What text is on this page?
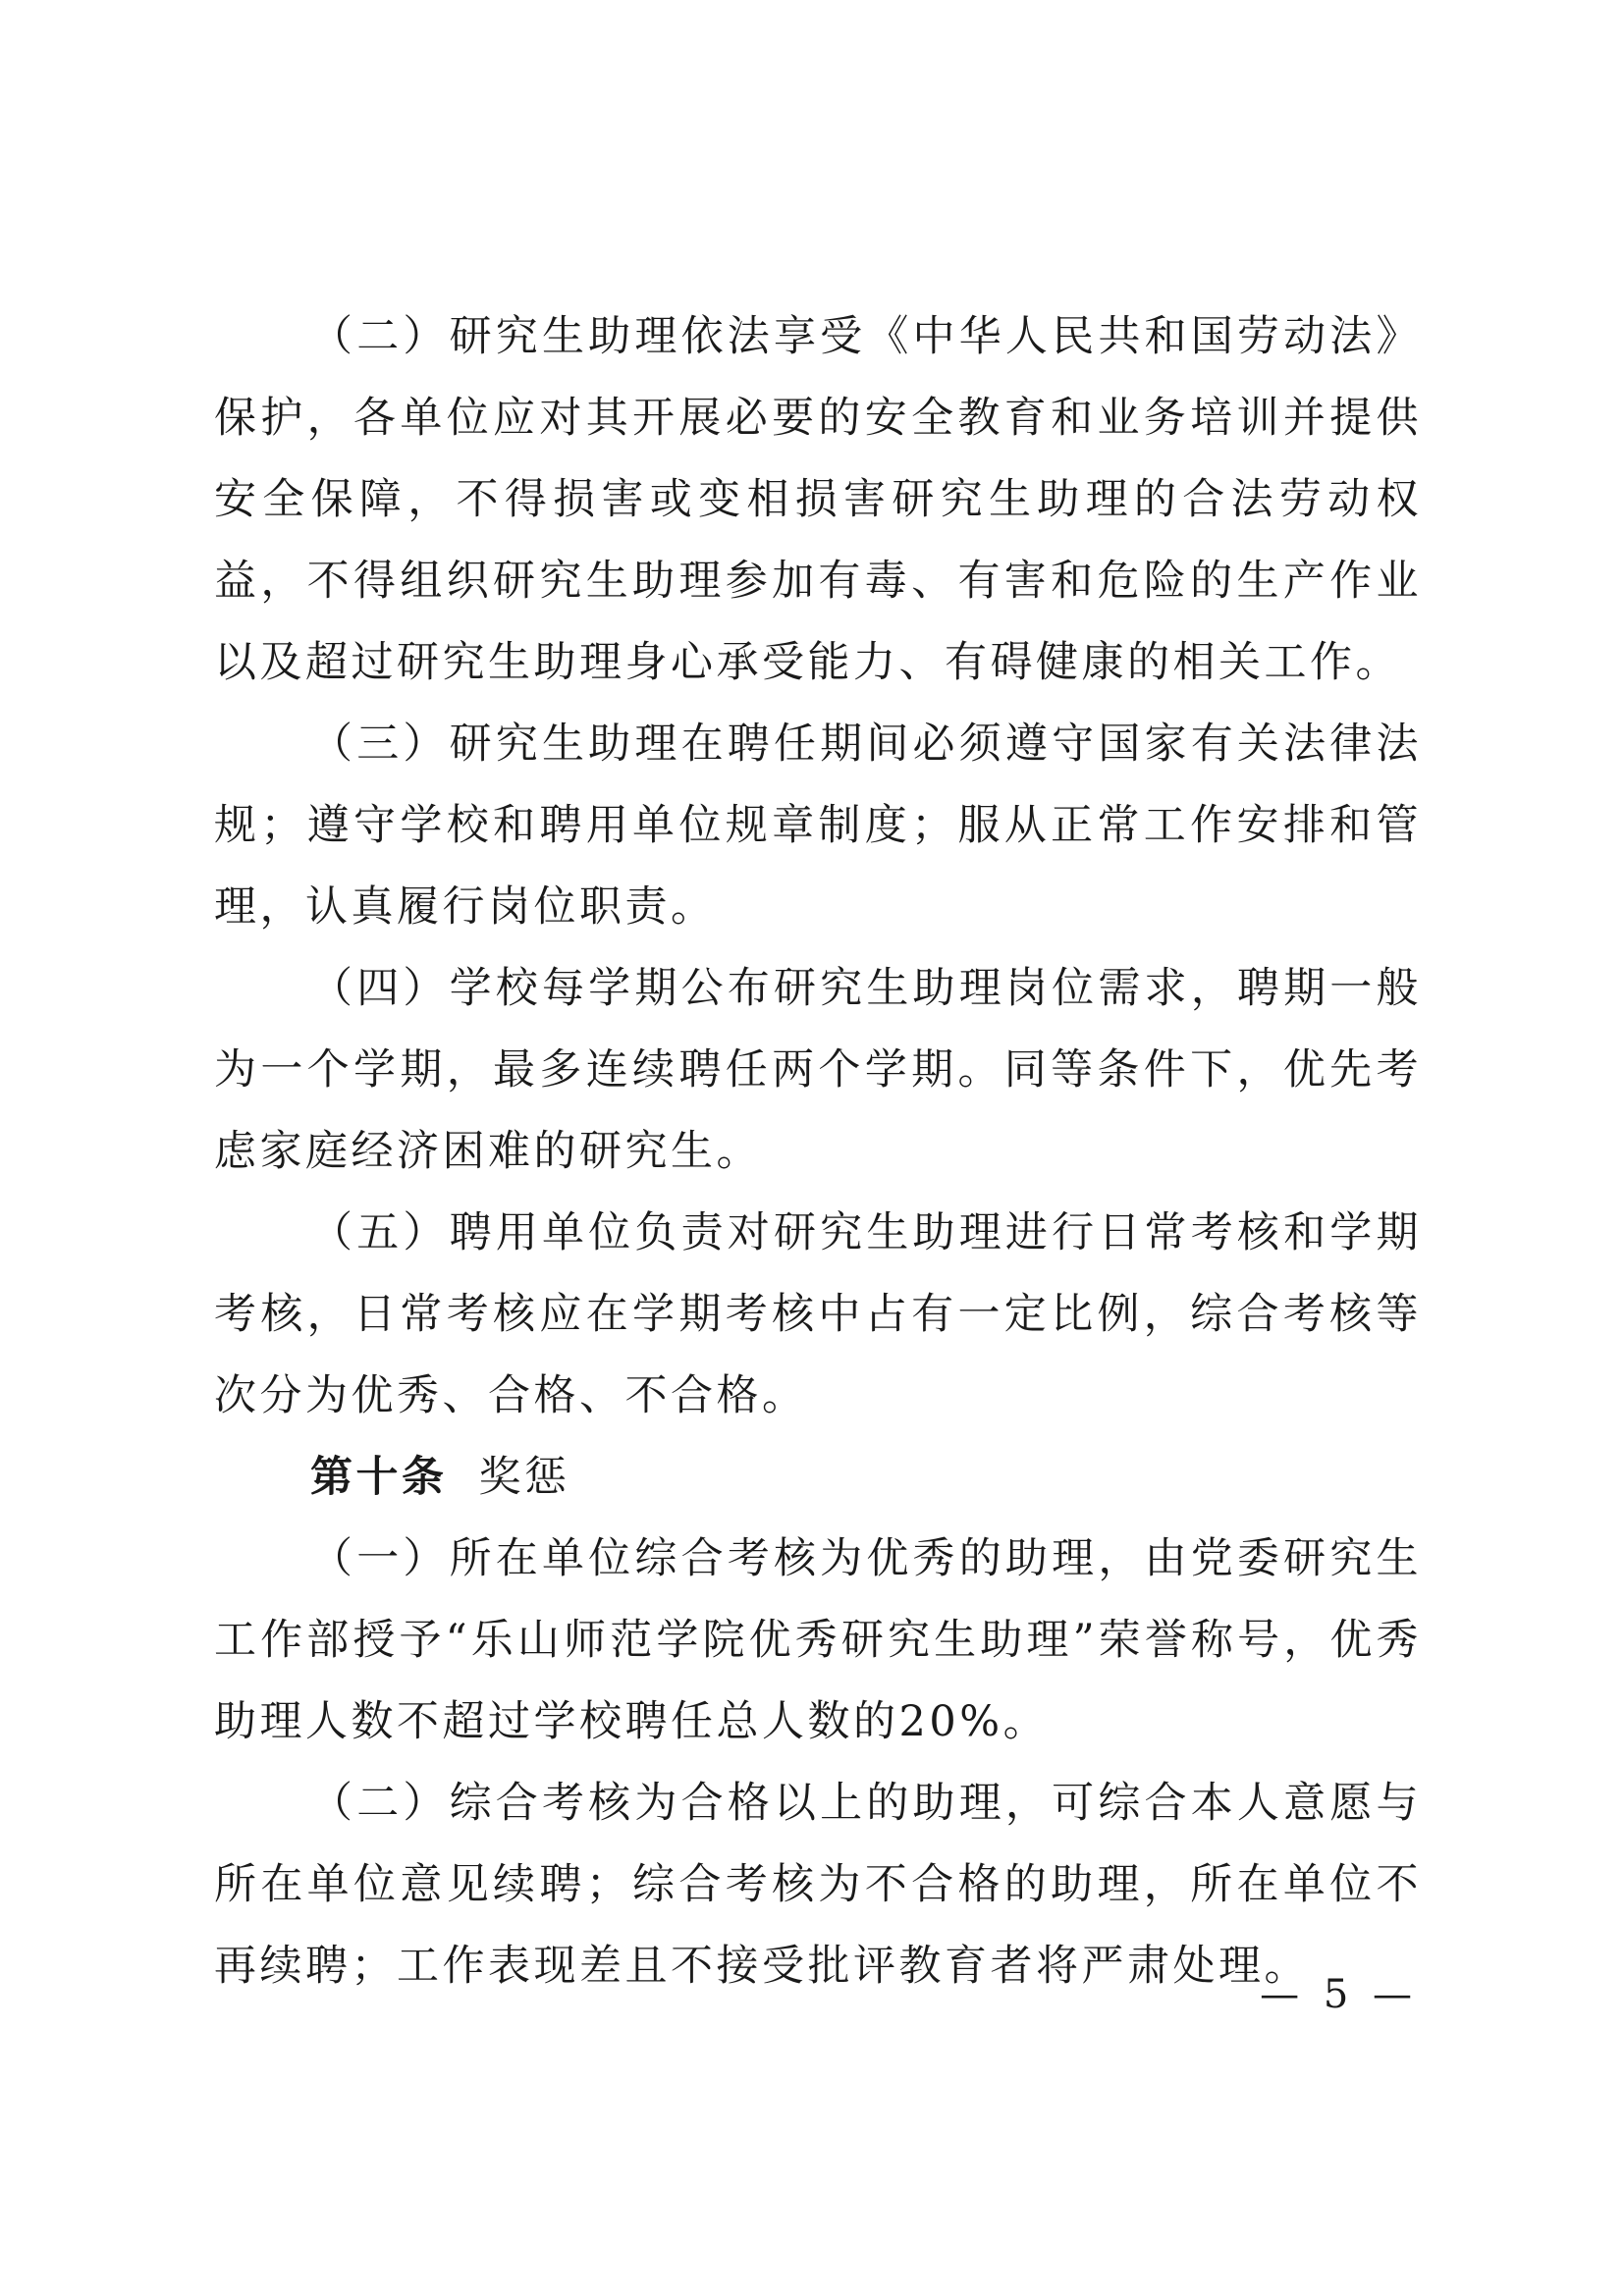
（二）研究生助理依法享受《中华人民共和国劳动法》保护，各单位应对其开展必要的安全教育和业务培训并提供安全保障，不得损害或变相损害研究生助理的合法劳动权益，不得组织研究生助理参加有毒、有害和危险的生产作业以及超过研究生助理身心承受能力、有碍健康的相关工作。

（三）研究生助理在聘任期间必须遵守国家有关法律法规；遵守学校和聘用单位规章制度；服从正常工作安排和管理，认真履行岗位职责。

（四）学校每学期公布研究生助理岗位需求，聘期一般为一个学期，最多连续聘任两个学期。同等条件下，优先考虑家庭经济困难的研究生。

（五）聘用单位负责对研究生助理进行日常考核和学期考核，日常考核应在学期考核中占有一定比例，综合考核等次分为优秀、合格、不合格。

第十条 奖惩

（一）所在单位综合考核为优秀的助理，由党委研究生工作部授予“乐山师范学院优秀研究生助理”荣誉称号，优秀助理人数不超过学校聘任总人数的20%。

（二）综合考核为合格以上的助理，可综合本人意愿与所在单位意见续聘；综合考核为不合格的助理，所在单位不再续聘；工作表现差且不接受批评教育者将严肃处理。

— 5 —
